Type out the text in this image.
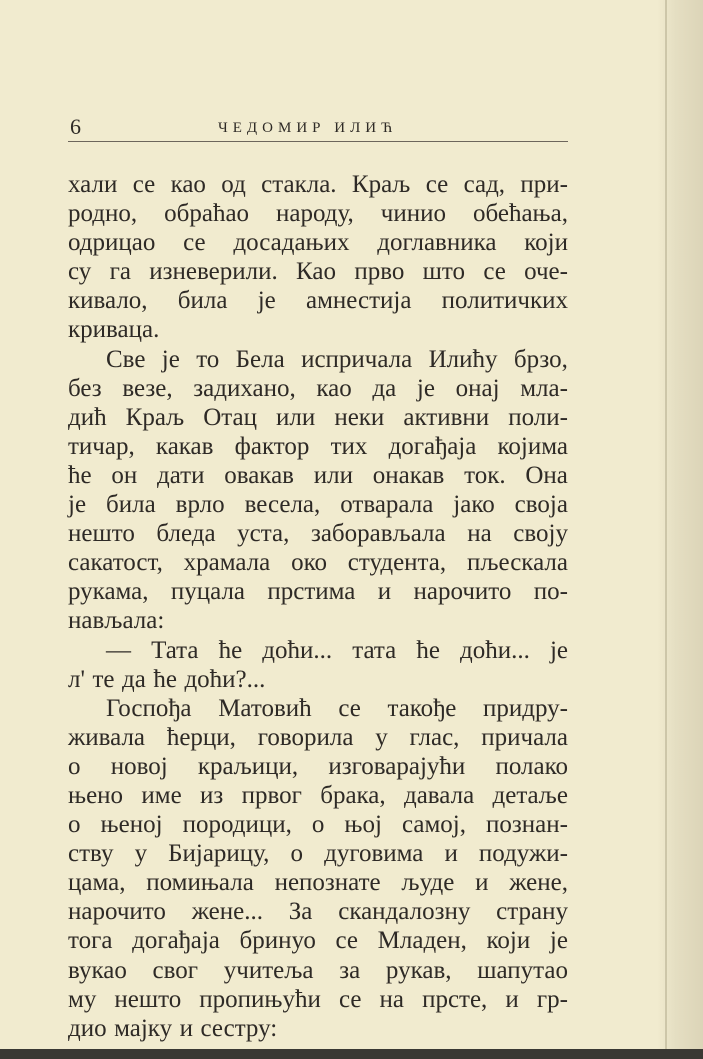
6	ЧЕДОМИР ИЛИЋ
хали се као од стакла. Краљ се сад, при-
родно, обраћао народу, чинио обећања,
одрицао се досадањих доглавника који
су га изневерили. Као прво што се оче-
кивало, била је амнестија политичких
криваца.
Све је то Бела испричала Илићу брзо,
без везе, задихано, као да је онај мла-
дић Краљ Отац или неки активни поли-
тичар, какав фактор тих догађаја којима
ће он дати овакав или онакав ток. Она
је била врло весела, отварала јако своја
нешто бледа уста, заборављала на своју
сакатост, храмала око студента, пљескала
рукама, пуцала прстима и нарочито по-
нављала:
— Тата ће доћи... тата ће доћи... је
л' те да ће доћи?...
Госпођа Матовић се такође придру-
живала ћерци, говорила у глас, причала
о новој краљици, изговарајући полако
њено име из првог брака, давала детаље
о њеној породици, о њој самој, познан-
ству у Бијарицу, о дуговима и подужи-
цама, помињала непознате људе и жене,
нарочито жене... За скандалозну страну
тога догађаја бринуо се Младен, који је
вукао свог учитеља за рукав, шапутао
му нешто пропињући се на прсте, и гр-
дио мајку и сестру:
